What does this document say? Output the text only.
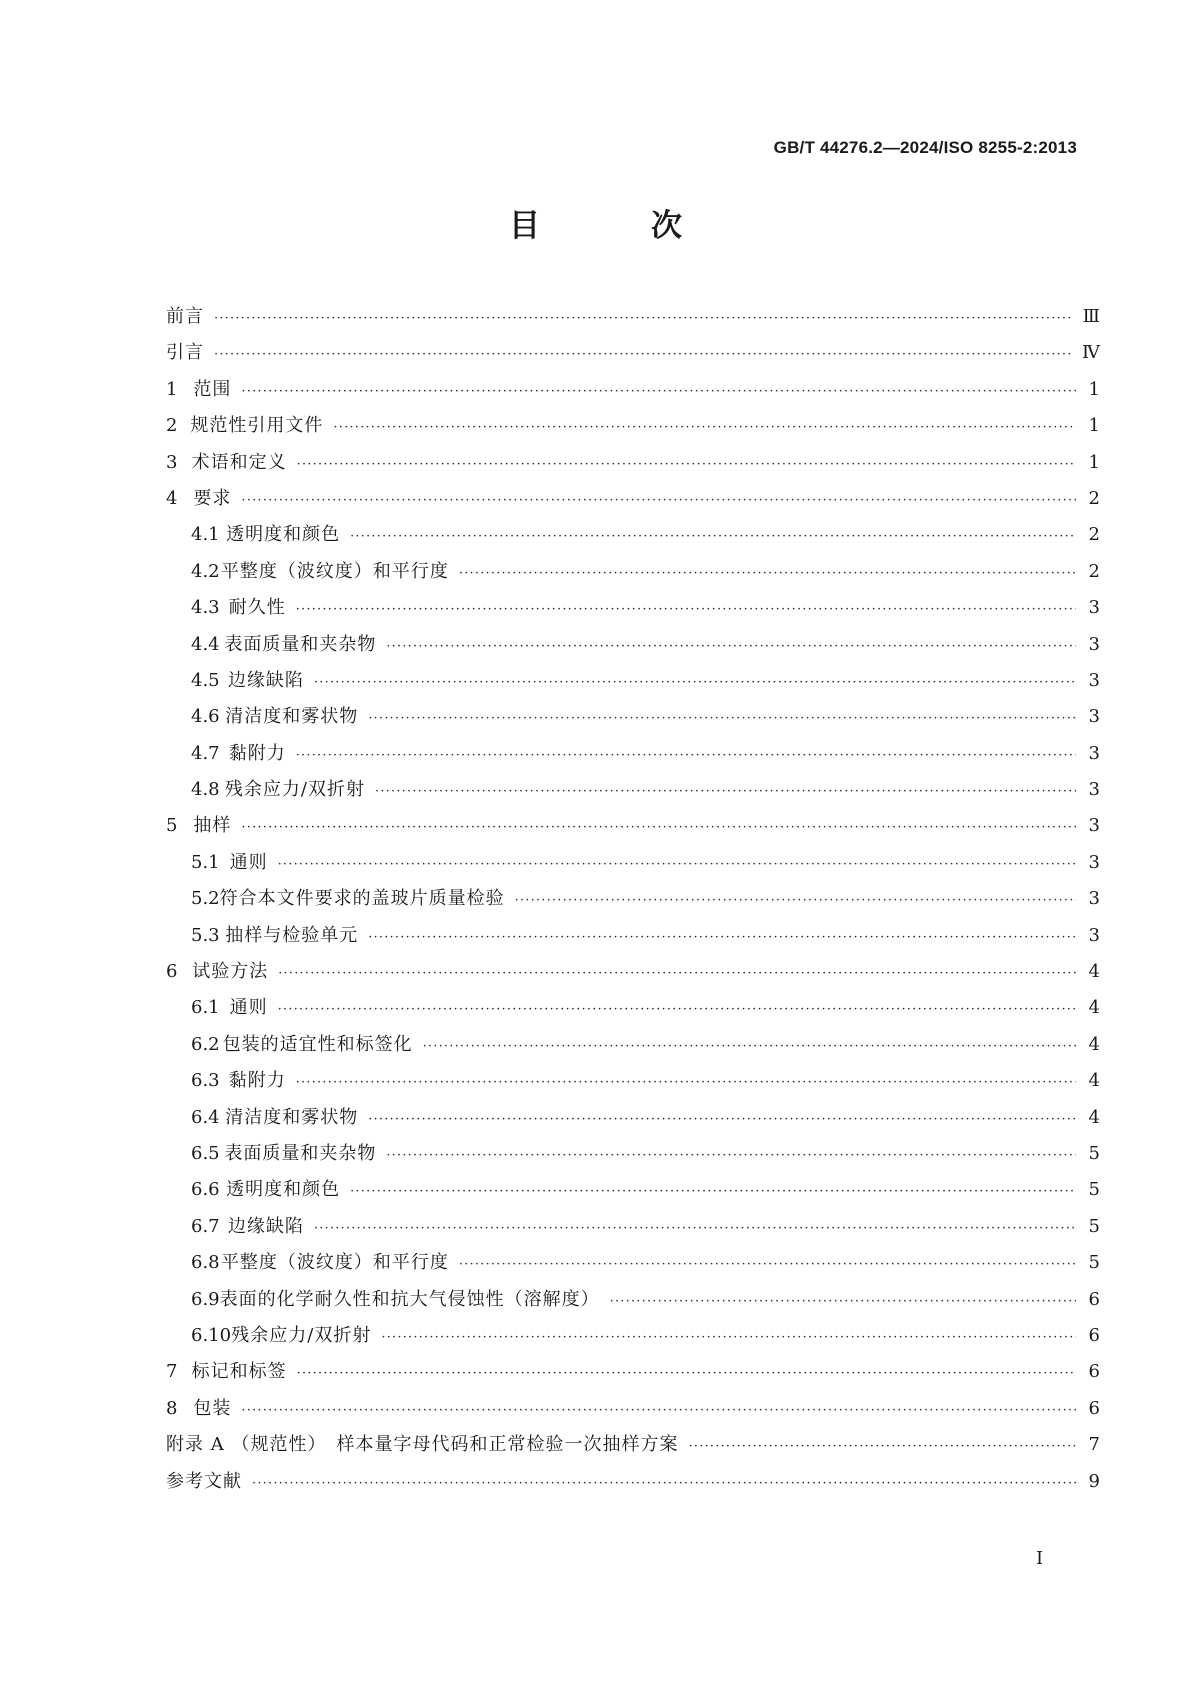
GB/T 44276.2—2024/ISO 8255-2:2013
目　次
前言 ·····	Ⅲ
引言 ·····	Ⅳ
1 范围 ·····	1
2 规范性引用文件 ·····	1
3 术语和定义 ·····	1
4 要求 ·····	2
4.1 透明度和颜色 ·····	2
4.2 平整度（波纹度）和平行度 ·····	2
4.3 耐久性 ·····	3
4.4 表面质量和夹杂物 ·····	3
4.5 边缘缺陷 ·····	3
4.6 清洁度和雾状物 ·····	3
4.7 黏附力 ·····	3
4.8 残余应力/双折射 ·····	3
5 抽样 ·····	3
5.1 通则 ·····	3
5.2 符合本文件要求的盖玻片质量检验 ·····	3
5.3 抽样与检验单元 ·····	3
6 试验方法 ·····	4
6.1 通则 ·····	4
6.2 包装的适宜性和标签化 ·····	4
6.3 黏附力 ·····	4
6.4 清洁度和雾状物 ·····	4
6.5 表面质量和夹杂物 ·····	5
6.6 透明度和颜色 ·····	5
6.7 边缘缺陷 ·····	5
6.8 平整度（波纹度）和平行度 ·····	5
6.9 表面的化学耐久性和抗大气侵蚀性（溶解度） ·····	6
6.10 残余应力/双折射 ·····	6
7 标记和标签 ·····	6
8 包装 ·····	6
附录 A （规范性）　样本量字母代码和正常检验一次抽样方案 ·····	7
参考文献 ·····	9
Ⅰ
